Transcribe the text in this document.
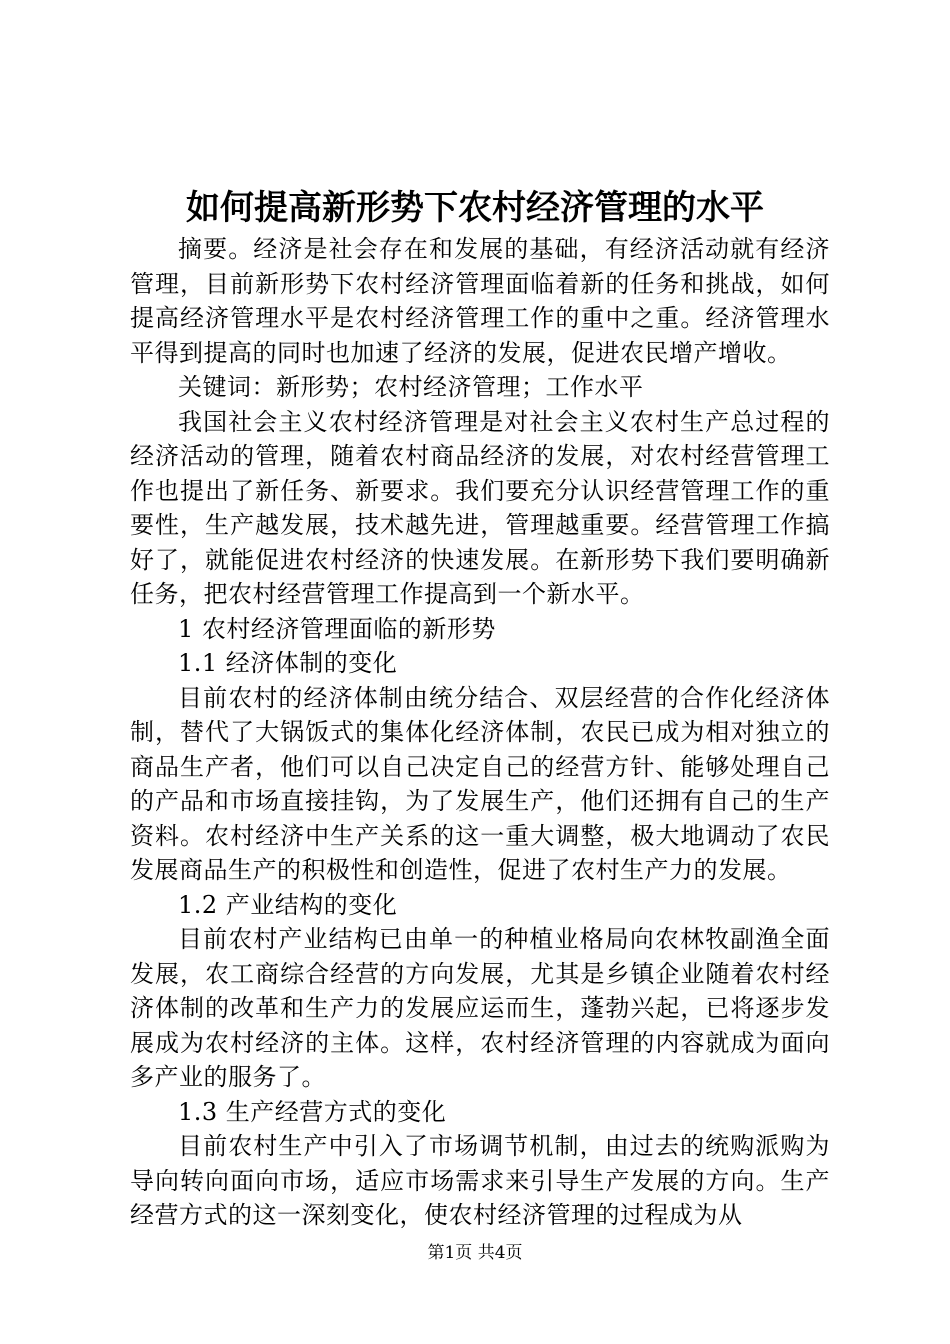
如何提高新形势下农村经济管理的水平

摘要。经济是社会存在和发展的基础，有经济活动就有经济管理，目前新形势下农村经济管理面临着新的任务和挑战，如何提高经济管理水平是农村经济管理工作的重中之重。经济管理水平得到提高的同时也加速了经济的发展，促进农民增产增收。

关键词：新形势；农村经济管理；工作水平

我国社会主义农村经济管理是对社会主义农村生产总过程的经济活动的管理，随着农村商品经济的发展，对农村经营管理工作也提出了新任务、新要求。我们要充分认识经营管理工作的重要性，生产越发展，技术越先进，管理越重要。经营管理工作搞好了，就能促进农村经济的快速发展。在新形势下我们要明确新任务，把农村经营管理工作提高到一个新水平。

1 农村经济管理面临的新形势

1.1 经济体制的变化

目前农村的经济体制由统分结合、双层经营的合作化经济体制，替代了大锅饭式的集体化经济体制，农民已成为相对独立的商品生产者，他们可以自己决定自己的经营方针、能够处理自己的产品和市场直接挂钩，为了发展生产，他们还拥有自己的生产资料。农村经济中生产关系的这一重大调整，极大地调动了农民发展商品生产的积极性和创造性，促进了农村生产力的发展。

1.2 产业结构的变化

目前农村产业结构已由单一的种植业格局向农林牧副渔全面发展，农工商综合经营的方向发展，尤其是乡镇企业随着农村经济体制的改革和生产力的发展应运而生，蓬勃兴起，已将逐步发展成为农村经济的主体。这样，农村经济管理的内容就成为面向多产业的服务了。

1.3 生产经营方式的变化

目前农村生产中引入了市场调节机制，由过去的统购派购为导向转向面向市场，适应市场需求来引导生产发展的方向。生产经营方式的这一深刻变化，使农村经济管理的过程成为从

第1页 共4页
